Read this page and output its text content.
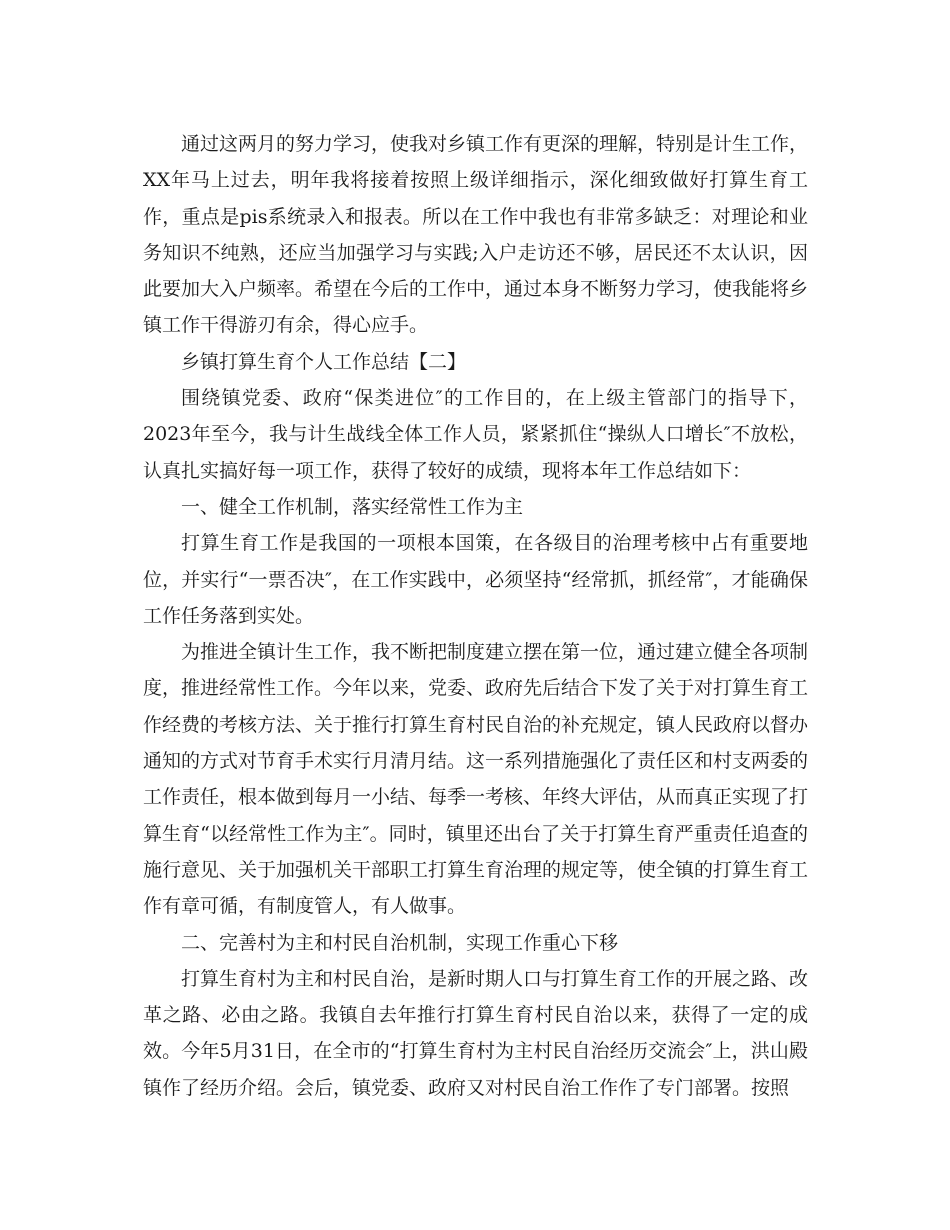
通过这两月的努力学习，使我对乡镇工作有更深的理解，特别是计生工作，XX年马上过去，明年我将接着按照上级详细指示，深化细致做好打算生育工作，重点是pis系统录入和报表。所以在工作中我也有非常多缺乏：对理论和业务知识不纯熟，还应当加强学习与实践;入户走访还不够，居民还不太认识，因此要加大入户频率。希望在今后的工作中，通过本身不断努力学习，使我能将乡镇工作干得游刃有余，得心应手。

乡镇打算生育个人工作总结【二】

围绕镇党委、政府“保类进位″的工作目的，在上级主管部门的指导下，2023年至今，我与计生战线全体工作人员，紧紧抓住“操纵人口增长″不放松，认真扎实搞好每一项工作，获得了较好的成绩，现将本年工作总结如下：

一、健全工作机制，落实经常性工作为主

打算生育工作是我国的一项根本国策，在各级目的治理考核中占有重要地位，并实行“一票否决″，在工作实践中，必须坚持“经常抓，抓经常″，才能确保工作任务落到实处。

为推进全镇计生工作，我不断把制度建立摆在第一位，通过建立健全各项制度，推进经常性工作。今年以来，党委、政府先后结合下发了关于对打算生育工作经费的考核方法、关于推行打算生育村民自治的补充规定，镇人民政府以督办通知的方式对节育手术实行月清月结。这一系列措施强化了责任区和村支两委的工作责任，根本做到每月一小结、每季一考核、年终大评估，从而真正实现了打算生育“以经常性工作为主″。同时，镇里还出台了关于打算生育严重责任追查的施行意见、关于加强机关干部职工打算生育治理的规定等，使全镇的打算生育工作有章可循，有制度管人，有人做事。

二、完善村为主和村民自治机制，实现工作重心下移

打算生育村为主和村民自治，是新时期人口与打算生育工作的开展之路、改革之路、必由之路。我镇自去年推行打算生育村民自治以来，获得了一定的成效。今年5月31日，在全市的“打算生育村为主村民自治经历交流会″上，洪山殿镇作了经历介绍。会后，镇党委、政府又对村民自治工作作了专门部署。按照
